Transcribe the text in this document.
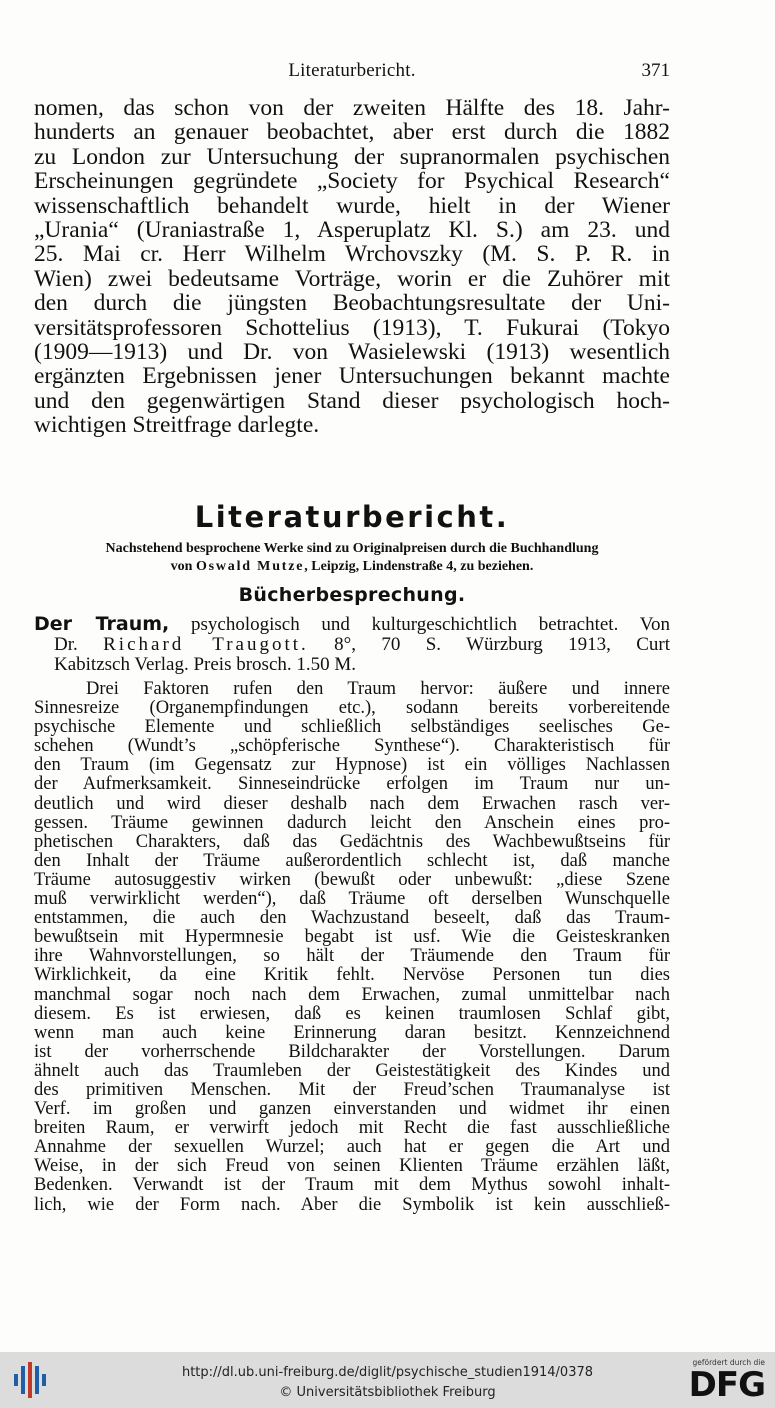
Literaturbericht.	371
nomen, das schon von der zweiten Hälfte des 18. Jahr-
hunderts an genauer beobachtet, aber erst durch die 1882
zu London zur Untersuchung der supranormalen psychischen
Erscheinungen gegründete „Society for Psychical Research“
wissenschaftlich behandelt wurde, hielt in der Wiener
„Urania“ (Uraniastraße 1, Asperuplatz Kl. S.) am 23. und
25. Mai cr. Herr Wilhelm Wrchovszky (M. S. P. R. in
Wien) zwei bedeutsame Vorträge, worin er die Zuhörer mit
den durch die jüngsten Beobachtungsresultate der Uni-
versitätsprofessoren Schottelius (1913), T. Fukurai (Tokyo
(1909—1913) und Dr. von Wasielewski (1913) wesentlich
ergänzten Ergebnissen jener Untersuchungen bekannt machte
und den gegenwärtigen Stand dieser psychologisch hoch-
wichtigen Streitfrage darlegte.
Literaturbericht.
Nachstehend besprochene Werke sind zu Originalpreisen durch die Buchhandlung
von Oswald Mutze, Leipzig, Lindenstraße 4, zu beziehen.
Bücherbesprechung.
Der Traum, psychologisch und kulturgeschichtlich betrachtet. Von
Dr. Richard Traugott. 8°, 70 S. Würzburg 1913, Curt
Kabitzsch Verlag. Preis brosch. 1.50 M.
Drei Faktoren rufen den Traum hervor: äußere und innere
Sinnesreize (Organempfindungen etc.), sodann bereits vorbereitende
psychische Elemente und schließlich selbständiges seelisches Ge-
schehen (Wundt’s „schöpferische Synthese“). Charakteristisch für
den Traum (im Gegensatz zur Hypnose) ist ein völliges Nachlassen
der Aufmerksamkeit. Sinneseindrücke erfolgen im Traum nur un-
deutlich und wird dieser deshalb nach dem Erwachen rasch ver-
gessen. Träume gewinnen dadurch leicht den Anschein eines pro-
phetischen Charakters, daß das Gedächtnis des Wachbewußtseins für
den Inhalt der Träume außerordentlich schlecht ist, daß manche
Träume autosuggestiv wirken (bewußt oder unbewußt: „diese Szene
muß verwirklicht werden“), daß Träume oft derselben Wunschquelle
entstammen, die auch den Wachzustand beseelt, daß das Traum-
bewußtsein mit Hypermnesie begabt ist usf. Wie die Geisteskranken
ihre Wahnvorstellungen, so hält der Träumende den Traum für
Wirklichkeit, da eine Kritik fehlt. Nervöse Personen tun dies
manchmal sogar noch nach dem Erwachen, zumal unmittelbar nach
diesem. Es ist erwiesen, daß es keinen traumlosen Schlaf gibt,
wenn man auch keine Erinnerung daran besitzt. Kennzeichnend
ist der vorherrschende Bildcharakter der Vorstellungen. Darum
ähnelt auch das Traumleben der Geistestätigkeit des Kindes und
des primitiven Menschen. Mit der Freud’schen Traumanalyse ist
Verf. im großen und ganzen einverstanden und widmet ihr einen
breiten Raum, er verwirft jedoch mit Recht die fast ausschließliche
Annahme der sexuellen Wurzel; auch hat er gegen die Art und
Weise, in der sich Freud von seinen Klienten Träume erzählen läßt,
Bedenken. Verwandt ist der Traum mit dem Mythus sowohl inhalt-
lich, wie der Form nach. Aber die Symbolik ist kein ausschließ-
http://dl.ub.uni-freiburg.de/diglit/psychische_studien1914/0378
© Universitätsbibliothek Freiburg
gefördert durch die
DFG
